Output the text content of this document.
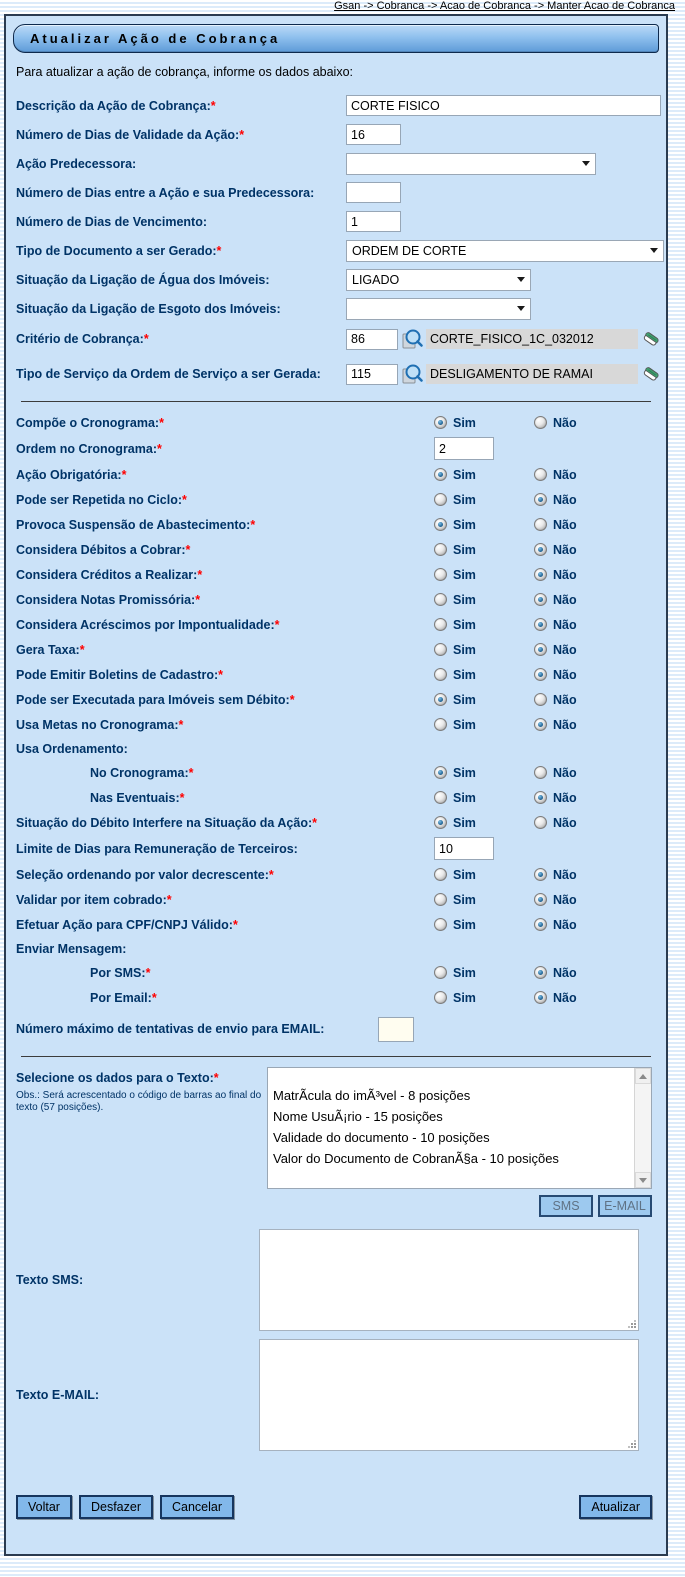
Gsan -> Cobranca -> Acao de Cobranca -> Manter Acao de Cobranca
Atualizar Ação de Cobrança

Para atualizar a ação de cobrança, informe os dados abaixo:

Descrição da Ação de Cobrança:*
CORTE FISICO
Número de Dias de Validade da Ação:*
16
Ação Predecessora:
Número de Dias entre a Ação e sua Predecessora:
Número de Dias de Vencimento:
1
Tipo de Documento a ser Gerado:*	ORDEM DE CORTE
Situação da Ligação de Água dos Imóveis:	LIGADO
Situação da Ligação de Esgoto dos Imóveis:
Critério de Cobrança:*
86	CORTE_FISICO_1C_032012
Tipo de Serviço da Ordem de Serviço a ser Gerada:
115	DESLIGAMENTO DE RAMAI
Compõe o Cronograma:*	Sim	Não
Ordem no Cronograma:*
2
Ação Obrigatória:*	Sim	Não
Pode ser Repetida no Ciclo:*	Sim	Não
Provoca Suspensão de Abastecimento:*	Sim	Não
Considera Débitos a Cobrar:*	Sim	Não
Considera Créditos a Realizar:*	Sim	Não
Considera Notas Promissória:*	Sim	Não
Considera Acréscimos por Impontualidade:*	Sim	Não
Gera Taxa:*	Sim	Não
Pode Emitir Boletins de Cadastro:*	Sim	Não
Pode ser Executada para Imóveis sem Débito:*	Sim	Não
Usa Metas no Cronograma:*	Sim	Não
Usa Ordenamento:
No Cronograma:*	Sim	Não
Nas Eventuais:*	Sim	Não
Situação do Débito Interfere na Situação da Ação:*	Sim	Não
Limite de Dias para Remuneração de Terceiros:
10
Seleção ordenando por valor decrescente:*	Sim	Não
Validar por item cobrado:*	Sim	Não
Efetuar Ação para CPF/CNPJ Válido:*	Sim	Não
Enviar Mensagem:
Por SMS:*	Sim	Não
Por Email:*	Sim	Não
Número máximo de tentativas de envio para EMAIL:
Selecione os dados para o Texto:*
Obs.: Será acrescentado o código de barras ao final do texto (57 posições).
MatrÃcula do imÃ³vel - 8 posições
Nome UsuÃ¡rio - 15 posições
Validade do documento - 10 posições
Valor do Documento de CobranÃ§a - 10 posições
SMS	E-MAIL
Texto SMS:
Texto E-MAIL:
Voltar	Desfazer	Cancelar	Atualizar
